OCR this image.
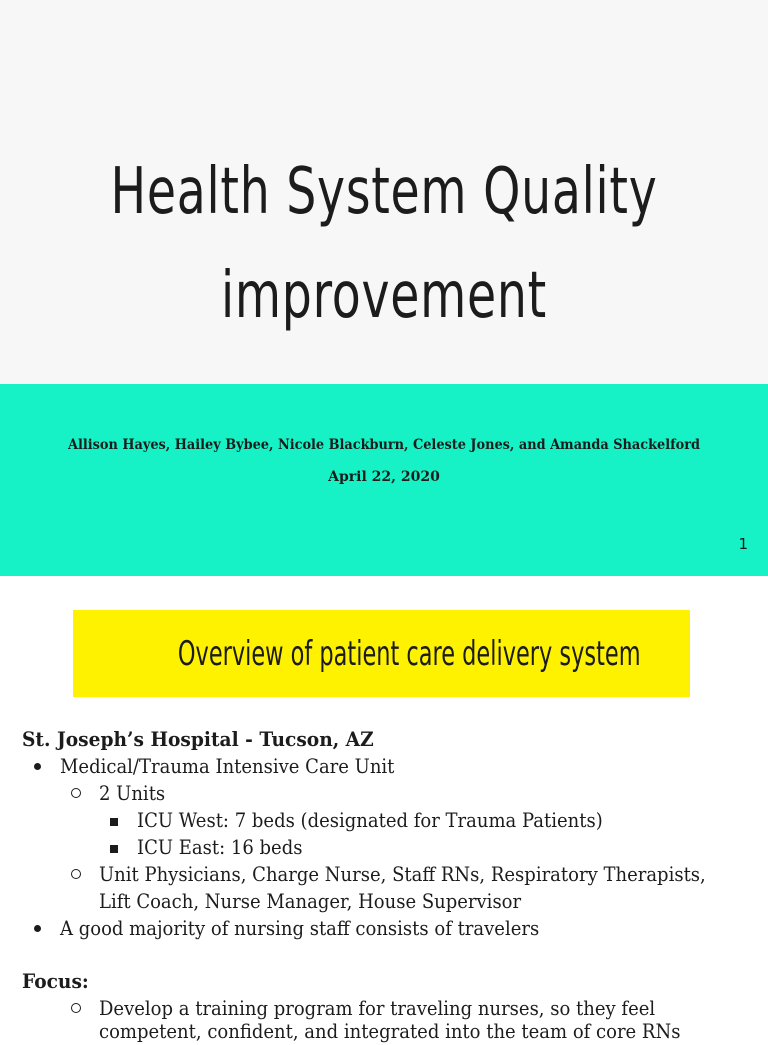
Health System Quality
improvement
Allison Hayes, Hailey Bybee, Nicole Blackburn, Celeste Jones, and Amanda Shackelford
April 22, 2020
1
Overview of patient care delivery system
St. Joseph’s Hospital - Tucson, AZ
Medical/Trauma Intensive Care Unit
2 Units
ICU West: 7 beds (designated for Trauma Patients)
ICU East: 16 beds
Unit Physicians, Charge Nurse, Staff RNs, Respiratory Therapists,
Lift Coach, Nurse Manager, House Supervisor
A good majority of nursing staff consists of travelers
Focus:
Develop a training program for traveling nurses, so they feel
competent, confident, and integrated into the team of core RNs
